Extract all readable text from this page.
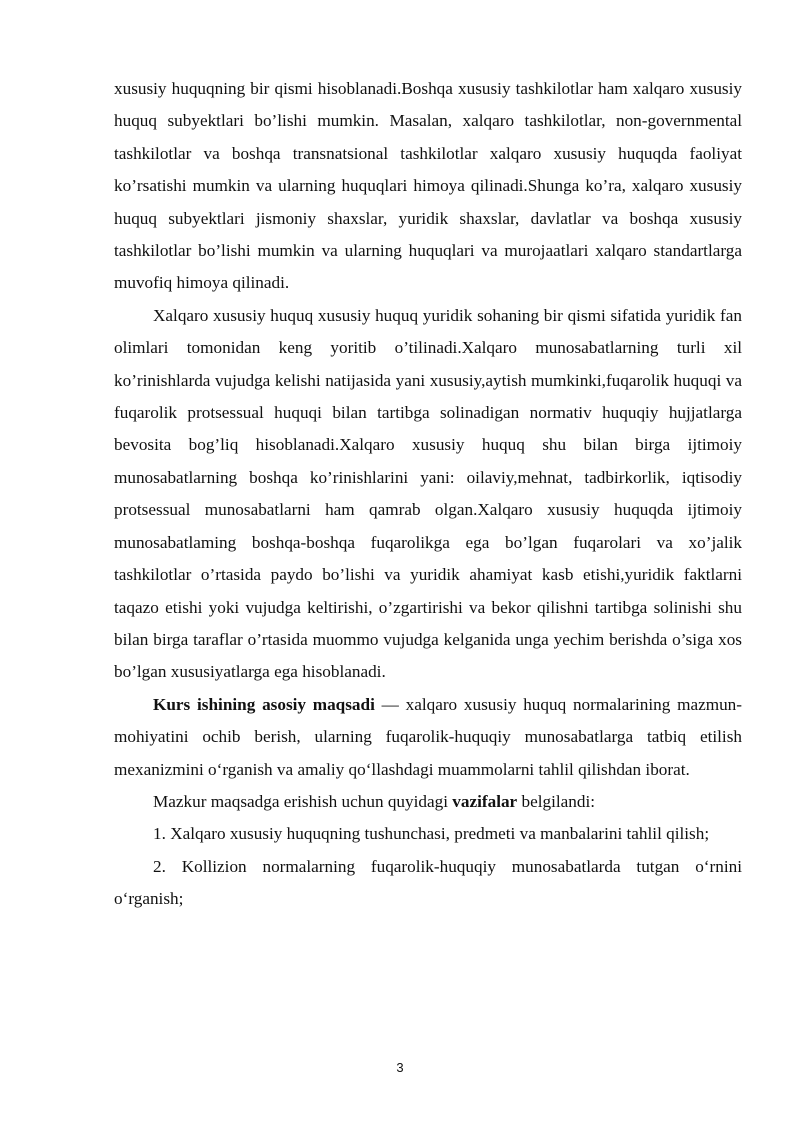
xususiy huquqning bir qismi hisoblanadi.Boshqa xususiy tashkilotlar ham xalqaro xususiy huquq subyektlari bo’lishi mumkin. Masalan, xalqaro tashkilotlar, non-governmental tashkilotlar va boshqa transnatsional tashkilotlar xalqaro xususiy huquqda faoliyat ko’rsatishi mumkin va ularning huquqlari himoya qilinadi.Shunga ko’ra, xalqaro xususiy huquq subyektlari jismoniy shaxslar, yuridik shaxslar, davlatlar va boshqa xususiy tashkilotlar bo’lishi mumkin va ularning huquqlari va murojaatlari xalqaro standartlarga muvofiq himoya qilinadi.

Xalqaro xususiy huquq xususiy huquq yuridik sohaning bir qismi sifatida yuridik fan olimlari tomonidan keng yoritib o’tilinadi.Xalqaro munosabatlarning turli xil ko’rinishlarda vujudga kelishi natijasida yani xususiy,aytish mumkinki,fuqarolik huquqi va fuqarolik protsessual huquqi bilan tartibga solinadigan normativ huquqiy hujjatlarga bevosita bog’liq hisoblanadi.Xalqaro xususiy huquq shu bilan birga ijtimoiy munosabatlarning boshqa ko’rinishlarini yani: oilaviy,mehnat, tadbirkorlik, iqtisodiy protsessual munosabatlarni ham qamrab olgan.Xalqaro xususiy huquqda ijtimoiy munosabatlaming boshqa-boshqa fuqarolikga ega bo’lgan fuqarolari va xo’jalik tashkilotlar o’rtasida paydo bo’lishi va yuridik ahamiyat kasb etishi,yuridik faktlarni taqazo etishi yoki vujudga keltirishi, o’zgartirishi va bekor qilishni tartibga solinishi shu bilan birga taraflar o’rtasida muommo vujudga kelganida unga yechim berishda o’siga xos bo’lgan xususiyatlarga ega hisoblanadi.

Kurs ishining asosiy maqsadi — xalqaro xususiy huquq normalarining mazmun-mohiyatini ochib berish, ularning fuqarolik-huquqiy munosabatlarga tatbiq etilish mexanizmini o‘rganish va amaliy qo‘llashdagi muammolarni tahlil qilishdan iborat.

Mazkur maqsadga erishish uchun quyidagi vazifalar belgilandi:

1. Xalqaro xususiy huquqning tushunchasi, predmeti va manbalarini tahlil qilish;

2. Kollizion normalarning fuqarolik-huquqiy munosabatlarda tutgan o‘rnini o‘rganish;

3
